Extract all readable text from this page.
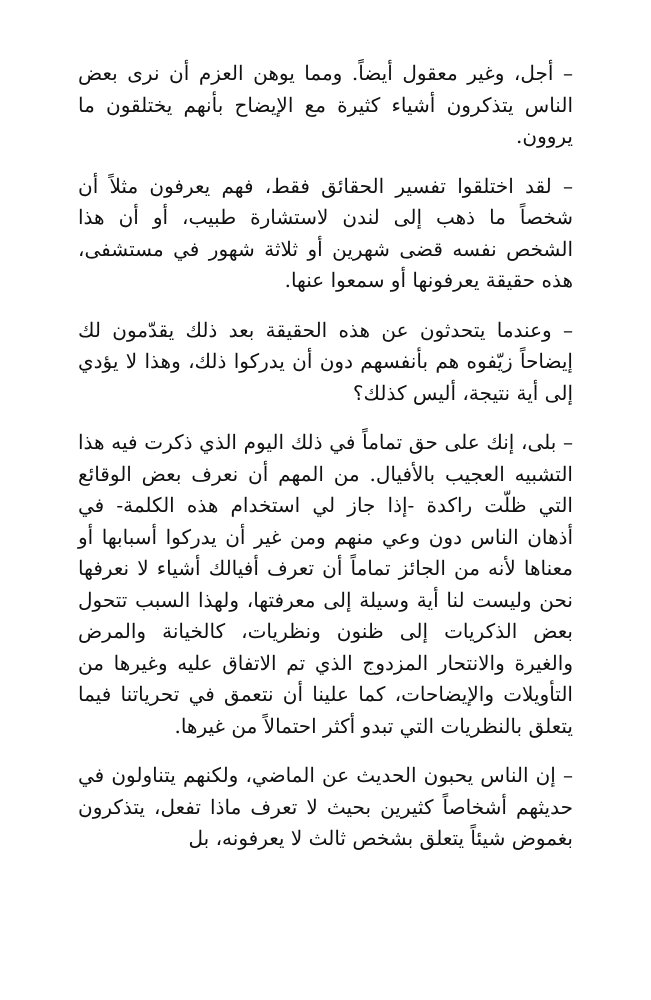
– أجل، وغير معقول أيضاً. ومما يوهن العزم أن نرى بعض الناس يتذكرون أشياء كثيرة مع الإيضاح بأنهم يختلقون ما يروون.

– لقد اختلقوا تفسير الحقائق فقط، فهم يعرفون مثلاً أن شخصاً ما ذهب إلى لندن لاستشارة طبيب، أو أن هذا الشخص نفسه قضى شهرين أو ثلاثة شهور في مستشفى، هذه حقيقة يعرفونها أو سمعوا عنها.

– وعندما يتحدثون عن هذه الحقيقة بعد ذلك يقدّمون لك إيضاحاً زيّفوه هم بأنفسهم دون أن يدركوا ذلك، وهذا لا يؤدي إلى أية نتيجة، أليس كذلك؟

– بلى، إنك على حق تماماً في ذلك اليوم الذي ذكرت فيه هذا التشبيه العجيب بالأفيال. من المهم أن نعرف بعض الوقائع التي ظلّت راكدة -إذا جاز لي استخدام هذه الكلمة- في أذهان الناس دون وعي منهم ومن غير أن يدركوا أسبابها أو معناها لأنه من الجائز تماماً أن تعرف أفيالك أشياء لا نعرفها نحن وليست لنا أية وسيلة إلى معرفتها، ولهذا السبب تتحول بعض الذكريات إلى ظنون ونظريات، كالخيانة والمرض والغيرة والانتحار المزدوج الذي تم الاتفاق عليه وغيرها من التأويلات والإيضاحات، كما علينا أن نتعمق في تحرياتنا فيما يتعلق بالنظريات التي تبدو أكثر احتمالاً من غيرها.

– إن الناس يحبون الحديث عن الماضي، ولكنهم يتناولون في حديثهم أشخاصاً كثيرين بحيث لا تعرف ماذا تفعل، يتذكرون بغموض شيئاً يتعلق بشخص ثالث لا يعرفونه، بل
